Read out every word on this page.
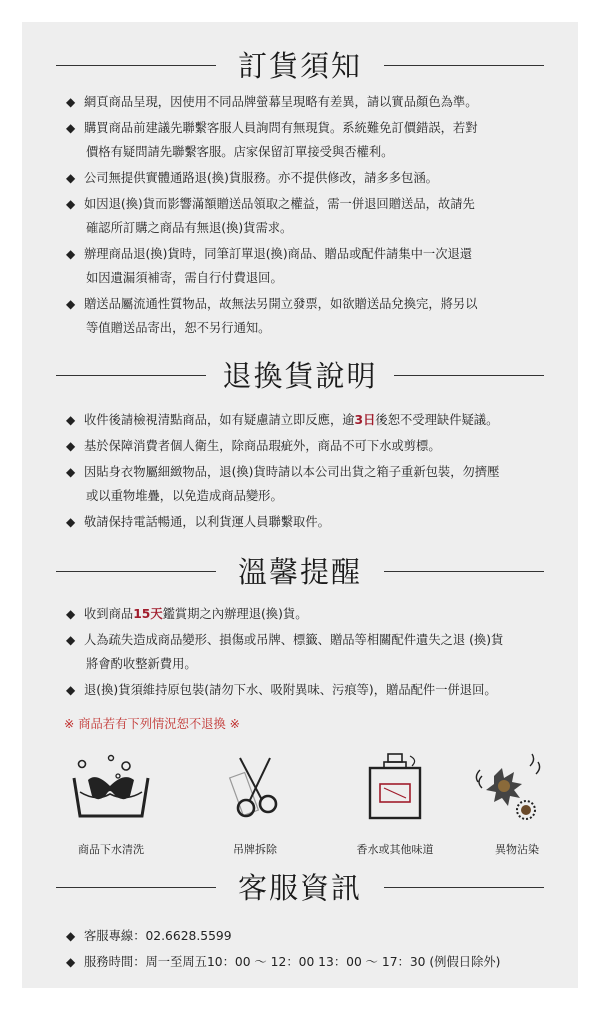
訂貨須知
◆ 網頁商品呈現，因使用不同品牌螢幕呈現略有差異，請以實品顏色為準。
◆ 購買商品前建議先聯繫客服人員詢問有無現貨。系統難免訂價錯誤，若對
價格有疑問請先聯繫客服。店家保留訂單接受與否權利。
◆ 公司無提供實體通路退(換)貨服務。亦不提供修改，請多多包涵。
◆ 如因退(換)貨而影響滿額贈送品領取之權益，需一併退回贈送品，故請先
確認所訂購之商品有無退(換)貨需求。
◆ 辦理商品退(換)貨時，同筆訂單退(換)商品、贈品或配件請集中一次退還
如因遺漏須補寄，需自行付費退回。
◆ 贈送品屬流通性質物品，故無法另開立發票，如欲贈送品兌換完，將另以
等值贈送品寄出，恕不另行通知。
退換貨說明
◆ 收件後請檢視清點商品，如有疑慮請立即反應，逾3日後恕不受理缺件疑議。
◆ 基於保障消費者個人衛生，除商品瑕疵外，商品不可下水或剪標。
◆ 因貼身衣物屬細緻物品，退(換)貨時請以本公司出貨之箱子重新包裝，勿擠壓
或以重物堆疊，以免造成商品變形。
◆ 敬請保持電話暢通，以利貨運人員聯繫取件。
溫馨提醒
◆ 收到商品15天鑑賞期之內辦理退(換)貨。
◆ 人為疏失造成商品變形、損傷或吊牌、標籤、贈品等相關配件遺失之退 (換)貨
將會酌收整新費用。
◆ 退(換)貨須維持原包裝(請勿下水、吸附異味、污痕等)，贈品配件一併退回。
※ 商品若有下列情況恕不退換 ※
商品下水清洗	吊牌拆除	香水或其他味道	異物沾染
客服資訊
◆ 客服專線：02.6628.5599
◆ 服務時間：周一至周五10：00 ～ 12：00 13：00 ～ 17：30 (例假日除外)
